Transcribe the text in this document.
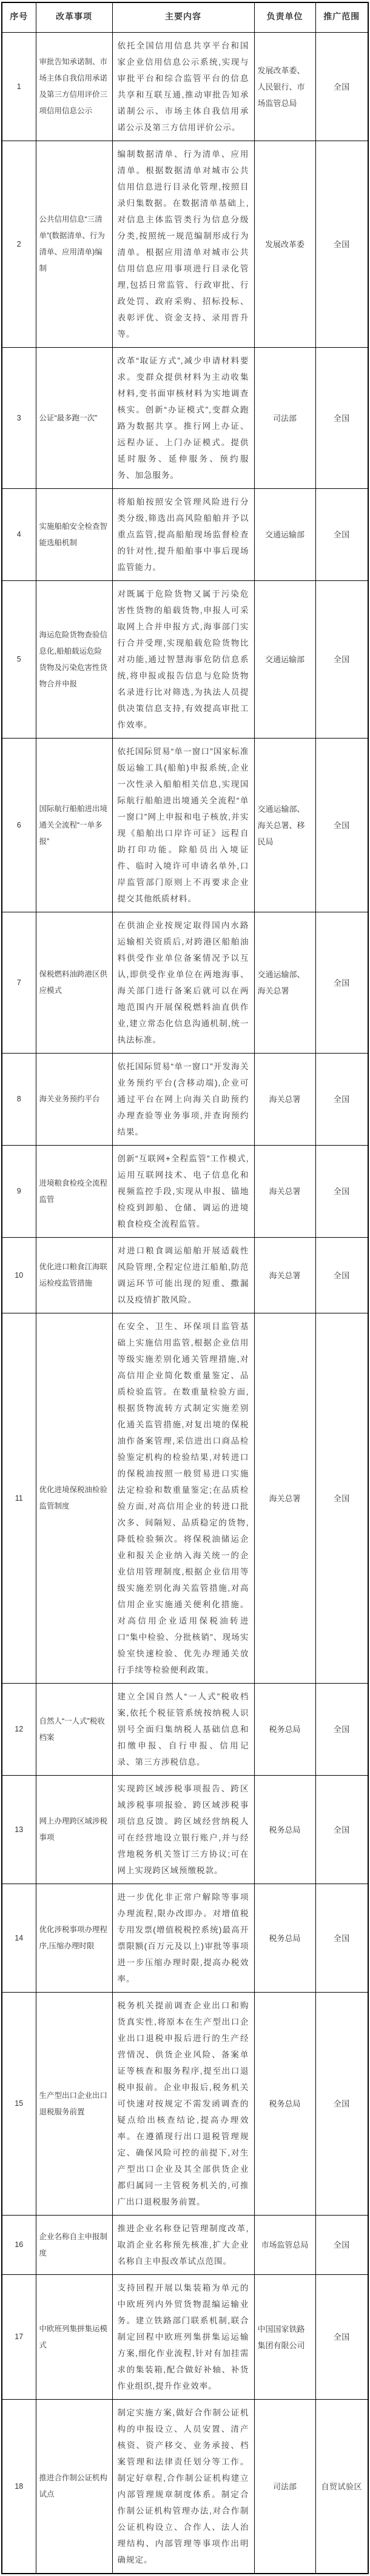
序号	改革事项	主要内容	负责单位	推广范围
1	审批告知承诺制、市场主体自我信用承诺及第三方信用评价三项信用信息公示	依托全国信用信息共享平台和国家企业信用信息公示系统,实现与审批平台和综合监管平台的信息共享和互联互通,推动审批告知承诺制公示、市场主体自我信用承诺公示及第三方信用评价公示。	发展改革委、人民银行、市场监管总局	全国
2	公共信用信息“三清单”(数据清单、行为清单、应用清单)编制	编制数据清单、行为清单、应用清单。根据数据清单对城市公共信用信息进行目录化管理,按照目录归集数据。在数据清单基础上,对信息主体监管类行为信息分级分类,按照统一规范编制形成行为清单。根据应用清单对城市公共信用信息应用事项进行目录化管理,包括日常监管、行政审批、行政处罚、政府采购、招标投标、表彰评优、资金支持、录用晋升等。	发展改革委	全国
3	公证“最多跑一次”	改革“取证方式”,减少申请材料要求。变群众提供材料为主动收集材料,变书面审核材料为实地调查核实。创新“办证模式”,变群众跑路为数据共享。推行网上办证、远程办证、上门办证模式。提供延时服务、延伸服务、预约服务、加急服务。	司法部	全国
4	实施船舶安全检查智能选船机制	将船舶按照安全管理风险进行分类分级,筛选出高风险船舶并予以重点监管,提高船舶现场监督检查的针对性,提升船舶事中事后现场监管能力。	交通运输部	全国
5	海运危险货物查验信息化,船舶载运危险货物及污染危害性货物合并申报	对既属于危险货物又属于污染危害性货物的船载货物,申报人可采取网上合并申报方式,海事部门实行合并受理,实现船载危险货物比对功能,通过智慧海事危防信息系统,将申报或报告信息与危险货物名录进行比对筛选,为执法人员提供决策信息支持,有效提高审批工作效率。	交通运输部	全国
6	国际航行船舶进出境通关全流程“一单多报”	依托国际贸易“单一窗口”国家标准版运输工具(船舶)申报系统,企业一次性录入船舶相关信息,实现国际航行船舶进出境通关全流程“单一窗口”网上申报和电子核放,并实现《船舶出口岸许可证》远程自助打印功能。除船员出入境证件、临时入境许可申请名单外,口岸监管部门原则上不再要求企业提交其他纸质材料。	交通运输部、海关总署、移民局	全国
7	保税燃料油跨港区供应模式	在供油企业按规定取得国内水路运输相关资质后,对跨港区船舶油料供受作业单位备案情况予以互认,即供受作业单位在两地海事、海关部门进行备案后就可以在两地范围内开展保税燃料油直供作业,建立常态化信息沟通机制,统一执法标准。	交通运输部、海关总署	全国
8	海关业务预约平台	依托国际贸易“单一窗口”开发海关业务预约平台(含移动端),企业可通过平台在网上向海关自助预约办理查验等业务事项,并查询预约结果。	海关总署	全国
9	进境粮食检疫全流程监管	创新“互联网+全程监管”工作模式,运用互联网技术、电子信息化和视频监控手段,实现从申报、锚地检疫到卸船、仓储、调运的进境粮食检疫全流程监管。	海关总署	全国
10	优化进口粮食江海联运检疫监管措施	对进口粮食调运船舶开展适载性风险管理,全程定位进江船舶,防范调运环节可能出现的短重、撒漏以及疫情扩散风险。	海关总署	全国
11	优化进境保税油检验监管制度	在安全、卫生、环保项目监管基础上实施信用监管,根据企业信用等级实施差别化通关管理措施,对高信用企业简化数重量鉴定、品质检验监管。在数重量检验方面,根据货物流转方式制定实施差别化通关监管措施,对复出境的保税油作备案管理,采信进出口商品检验鉴定机构的检验结果,对转进口的保税油按照一般贸易进口实施法定检验和数重量鉴定;在品质检验方面,对高信用企业的转进口批次多、间隔短、品质稳定的货物,降低检验频次。将保税油储运企业和报关企业纳入海关统一的企业信用管理制度,根据企业信用等级实施差别化海关监管措施,对高信用企业实施通关便利化措施。对高信用企业适用保税油转进口“集中检验、分批核销”、现场实验室快速检验、优先办理通关放行手续等检验便利政策。	海关总署	全国
12	自然人“一人式”税收档案	建立全国自然人“一人式”税收档案,依托个税征管系统按纳税人识别号全面归集纳税人基础信息和扣缴申报、自行申报、信用记录、第三方涉税信息。	税务总局	全国
13	网上办理跨区域涉税事项	实现跨区域涉税事项报告、跨区域涉税事项报验、跨区域涉税事项信息反馈。跨区域经营纳税人可在经营地设立银行账户,并与经营地税务机关签订三方协议;可在网上实现跨区域预缴税款。	税务总局	全国
14	优化涉税事项办理程序,压缩办理时限	进一步优化非正常户解除等事项办理流程,限办改即办。对增值税专用发票(增值税税控系统)最高开票限额(百万元及以上)审批等事项进一步压缩办理时限,提高办税效率。	税务总局	全国
15	生产型出口企业出口退税服务前置	税务机关提前调查企业出口和购货真实性,将原本在生产型出口企业出口退税申报后进行的生产经营情况、供货企业风险、备案单证等核查和服务程序,提至出口退税申报前。企业申报后,税务机关可快速对按规定不需发函调查的疑点给出核查结论,提高办理效率。在遵循现行出口退税管理规定、确保风险可控的前提下,对生产型出口企业及其全部供货企业都归属同一主管税务机关的,可推广出口退税服务前置。	税务总局	全国
16	企业名称自主申报制度	推进企业名称登记管理制度改革,取消企业名称预先核准,扩大企业名称自主申报改革试点范围。	市场监管总局	全国
17	中欧班列集拼集运模式	支持回程开展以集装箱为单元的中欧班列内外贸货物混编运输业务。建立铁路部门联系机制,联合制定回程中欧班列集拼集运运输方案,细化作业流程,针对有加挂需求的集装箱,配合做好补轴、补货作业组织,提升作业效率。	中国国家铁路集团有限公司	全国
18	推进合作制公证机构试点	制定实施方案,做好合作制公证机构的申报设立、人员安置、清产核资、资产移交、业务承接、档案管理和法律责任划分等工作。制定好章程,合作制公证机构建立内部管理规章制度体系。制定合作制公证机构管理办法,对合作制公证机构设立、合作人、法人治理结构、内部管理等事项作出明确规定。	司法部	自贸试验区
